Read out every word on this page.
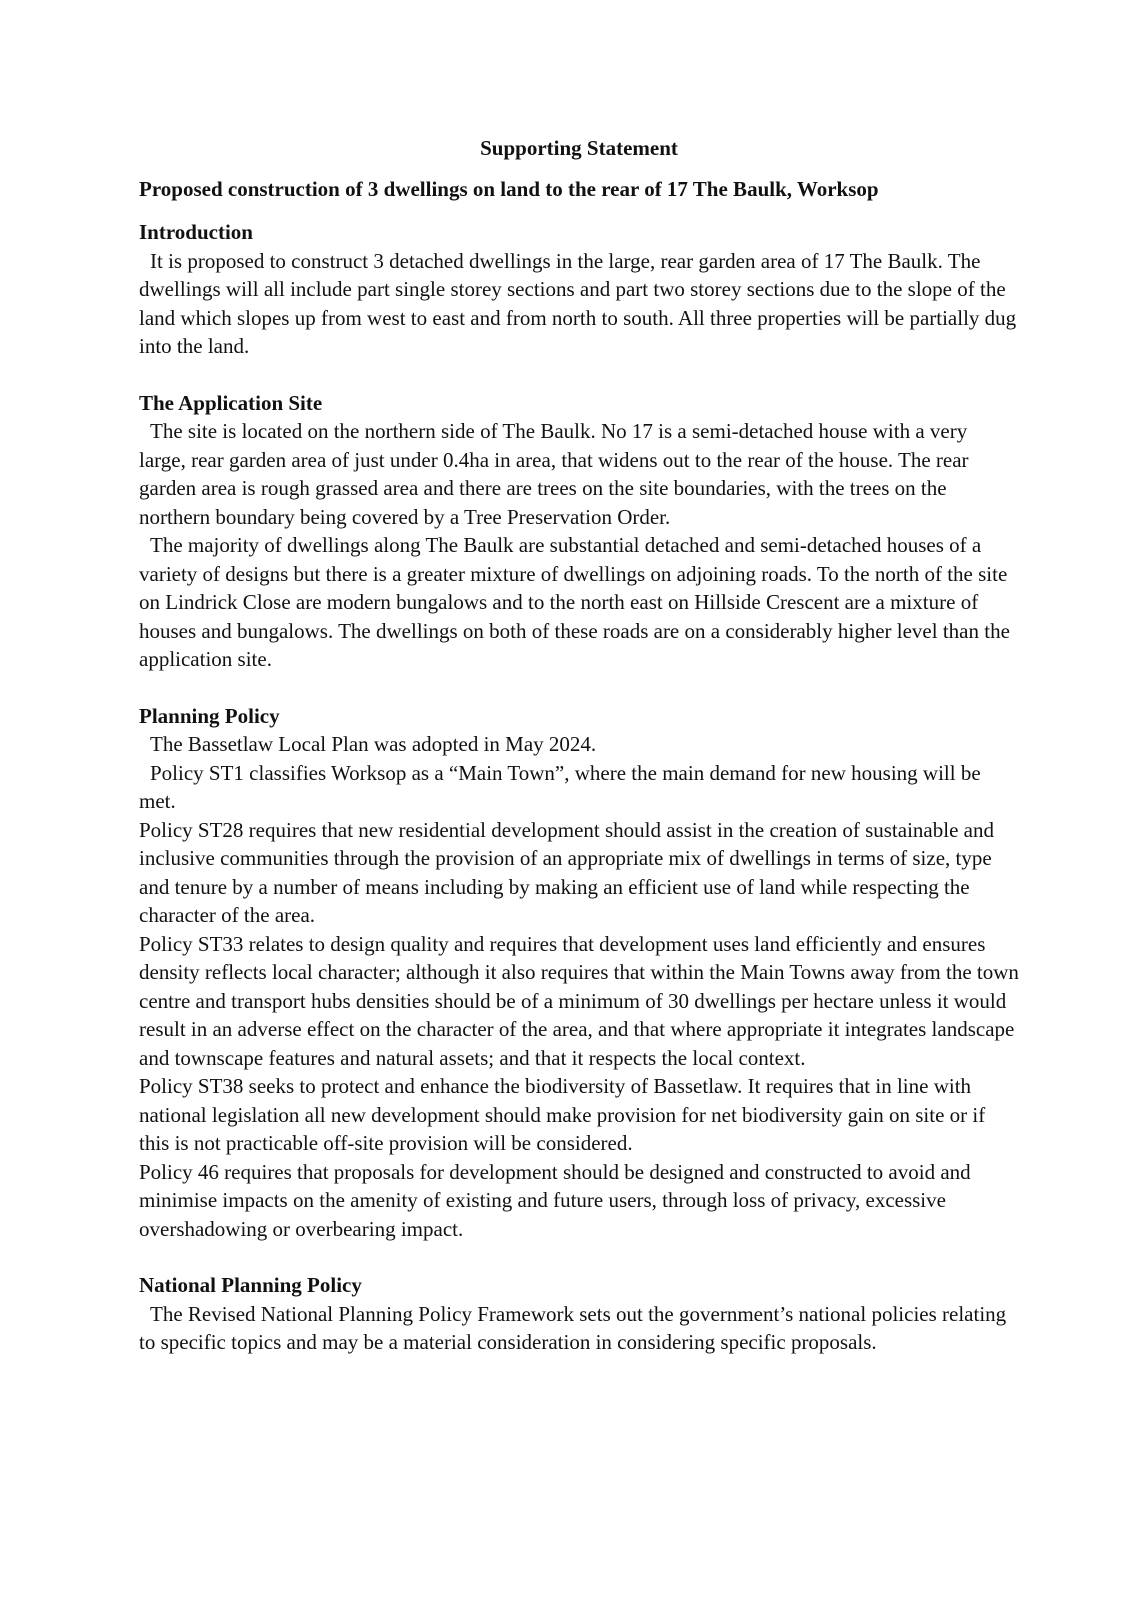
Supporting Statement
Proposed construction of 3 dwellings on land to the rear of 17 The Baulk, Worksop
Introduction

It is proposed to construct 3 detached dwellings in the large, rear garden area of 17 The Baulk. The dwellings will all include part single storey sections and part two storey sections due to the slope of the land which slopes up from west to east and from north to south. All three properties will be partially dug into the land.

The Application Site

The site is located on the northern side of The Baulk. No 17 is a semi-detached house with a very large, rear garden area of just under 0.4ha in area, that widens out to the rear of the house. The rear garden area is rough grassed area and there are trees on the site boundaries, with the trees on the northern boundary being covered by a Tree Preservation Order.

The majority of dwellings along The Baulk are substantial detached and semi-detached houses of a variety of designs but there is a greater mixture of dwellings on adjoining roads. To the north of the site on Lindrick Close are modern bungalows and to the north east on Hillside Crescent are a mixture of houses and bungalows. The dwellings on both of these roads are on a considerably higher level than the application site.

Planning Policy

The Bassetlaw Local Plan was adopted in May 2024.

Policy ST1 classifies Worksop as a “Main Town”, where the main demand for new housing will be met.

Policy ST28 requires that new residential development should assist in the creation of sustainable and inclusive communities through the provision of an appropriate mix of dwellings in terms of size, type and tenure by a number of means including by making an efficient use of land while respecting the character of the area.

Policy ST33 relates to design quality and requires that development uses land efficiently and ensures density reflects local character; although it also requires that within the Main Towns away from the town centre and transport hubs densities should be of a minimum of 30 dwellings per hectare unless it would result in an adverse effect on the character of the area, and that where appropriate it integrates landscape and townscape features and natural assets; and that it respects the local context.

Policy ST38 seeks to protect and enhance the biodiversity of Bassetlaw. It requires that in line with national legislation all new development should make provision for net biodiversity gain on site or if this is not practicable off-site provision will be considered.

Policy 46 requires that proposals for development should be designed and constructed to avoid and minimise impacts on the amenity of existing and future users, through loss of privacy, excessive overshadowing or overbearing impact.

National Planning Policy

The Revised National Planning Policy Framework sets out the government’s national policies relating to specific topics and may be a material consideration in considering specific proposals.
